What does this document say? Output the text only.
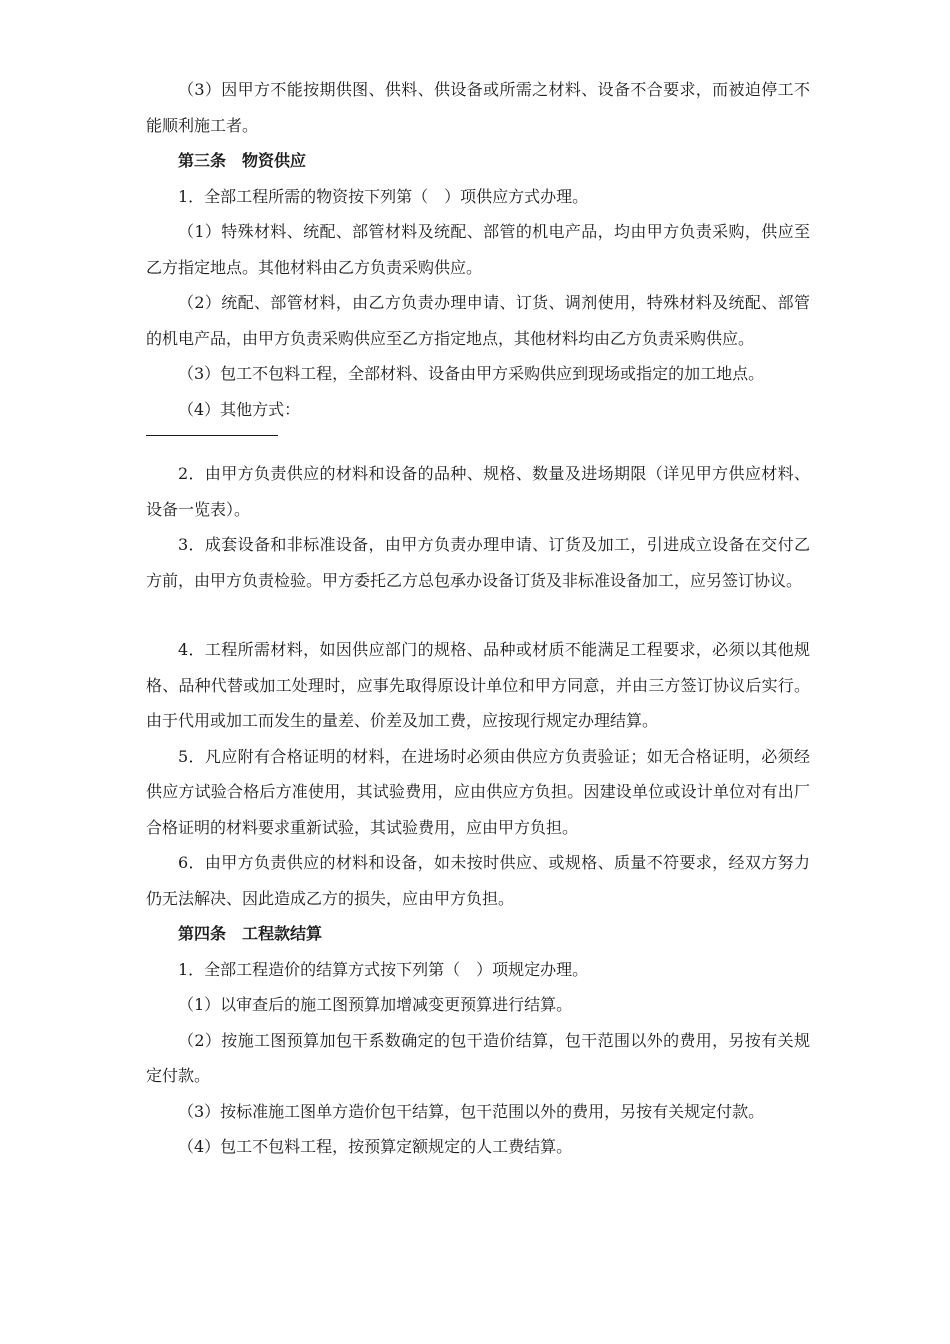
（3）因甲方不能按期供图、供料、供设备或所需之材料、设备不合要求，而被迫停工不能顺利施工者。

第三条　物资供应

1．全部工程所需的物资按下列第（　）项供应方式办理。

（1）特殊材料、统配、部管材料及统配、部管的机电产品，均由甲方负责采购，供应至乙方指定地点。其他材料由乙方负责采购供应。

（2）统配、部管材料，由乙方负责办理申请、订货、调剂使用，特殊材料及统配、部管的机电产品，由甲方负责采购供应至乙方指定地点，其他材料均由乙方负责采购供应。

（3）包工不包料工程，全部材料、设备由甲方采购供应到现场或指定的加工地点。

（4）其他方式：

2．由甲方负责供应的材料和设备的品种、规格、数量及进场期限（详见甲方供应材料、设备一览表）。

3．成套设备和非标准设备，由甲方负责办理申请、订货及加工，引进成立设备在交付乙方前，由甲方负责检验。甲方委托乙方总包承办设备订货及非标准设备加工，应另签订协议。

4．工程所需材料，如因供应部门的规格、品种或材质不能满足工程要求，必须以其他规格、品种代替或加工处理时，应事先取得原设计单位和甲方同意，并由三方签订协议后实行。由于代用或加工而发生的量差、价差及加工费，应按现行规定办理结算。

5．凡应附有合格证明的材料，在进场时必须由供应方负责验证；如无合格证明，必须经供应方试验合格后方准使用，其试验费用，应由供应方负担。因建设单位或设计单位对有出厂合格证明的材料要求重新试验，其试验费用，应由甲方负担。

6．由甲方负责供应的材料和设备，如未按时供应、或规格、质量不符要求，经双方努力仍无法解决、因此造成乙方的损失，应由甲方负担。

第四条　工程款结算

1．全部工程造价的结算方式按下列第（　）项规定办理。

（1）以审查后的施工图预算加增减变更预算进行结算。

（2）按施工图预算加包干系数确定的包干造价结算，包干范围以外的费用，另按有关规定付款。

（3）按标准施工图单方造价包干结算，包干范围以外的费用，另按有关规定付款。

（4）包工不包料工程，按预算定额规定的人工费结算。
